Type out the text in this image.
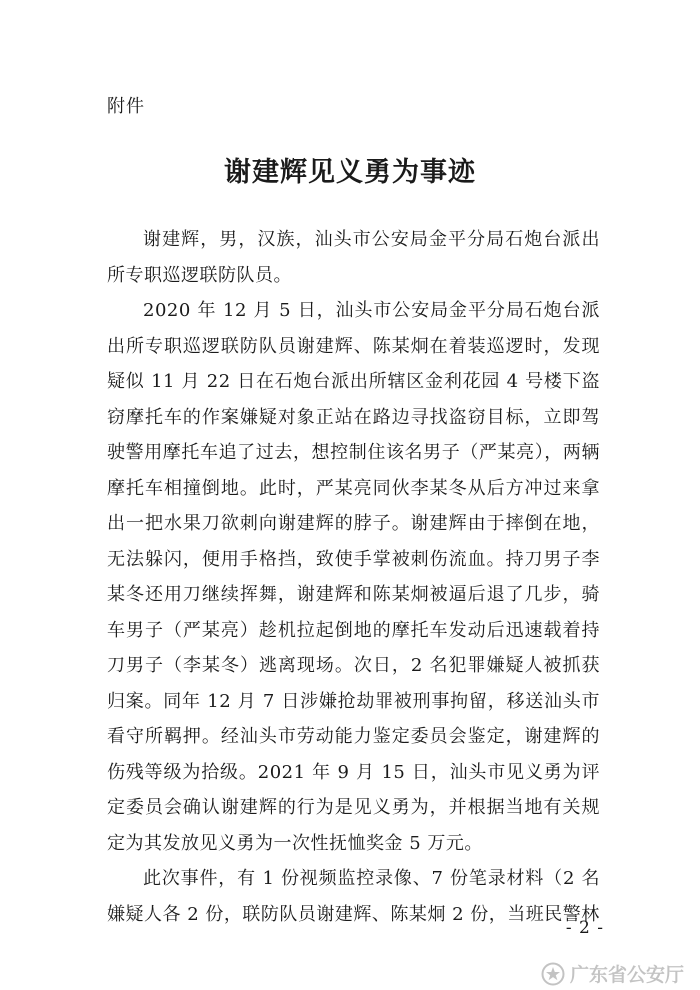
附件
谢建辉见义勇为事迹

谢建辉，男，汉族，汕头市公安局金平分局石炮台派出所专职巡逻联防队员。

2020 年 12 月 5 日，汕头市公安局金平分局石炮台派出所专职巡逻联防队员谢建辉、陈某炯在着装巡逻时，发现疑似 11 月 22 日在石炮台派出所辖区金利花园 4 号楼下盗窃摩托车的作案嫌疑对象正站在路边寻找盗窃目标，立即驾驶警用摩托车追了过去，想控制住该名男子（严某亮），两辆摩托车相撞倒地。此时，严某亮同伙李某冬从后方冲过来拿出一把水果刀欲刺向谢建辉的脖子。谢建辉由于摔倒在地，无法躲闪，便用手格挡，致使手掌被刺伤流血。持刀男子李某冬还用刀继续挥舞，谢建辉和陈某炯被逼后退了几步，骑车男子（严某亮）趁机拉起倒地的摩托车发动后迅速载着持刀男子（李某冬）逃离现场。次日，2 名犯罪嫌疑人被抓获归案。同年 12 月 7 日涉嫌抢劫罪被刑事拘留，移送汕头市看守所羁押。经汕头市劳动能力鉴定委员会鉴定，谢建辉的伤残等级为拾级。2021 年 9 月 15 日，汕头市见义勇为评定委员会确认谢建辉的行为是见义勇为，并根据当地有关规定为其发放见义勇为一次性抚恤奖金 5 万元。

此次事件，有 1 份视频监控录像、7 份笔录材料（2 名嫌疑人各 2 份，联防队员谢建辉、陈某炯 2 份，当班民警林

- 2 -
广东省公安厅
